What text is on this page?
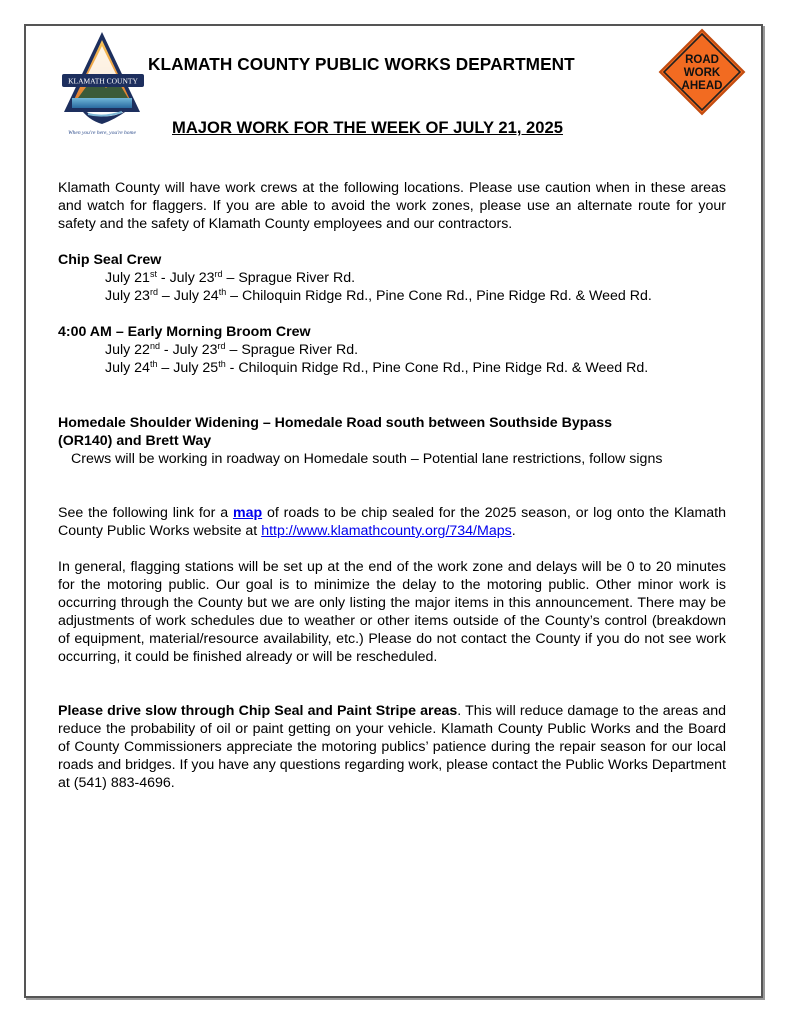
KLAMATH COUNTY
When you're here, you're home
ROAD
WORK
AHEAD
KLAMATH COUNTY PUBLIC WORKS DEPARTMENT
MAJOR WORK FOR THE WEEK OF JULY 21, 2025
Klamath County will have work crews at the following locations. Please use caution when in these areas and watch for flaggers. If you are able to avoid the work zones, please use an alternate route for your safety and the safety of Klamath County employees and our contractors.
Chip Seal Crew
July 21st - July 23rd – Sprague River Rd.
July 23rd – July 24th – Chiloquin Ridge Rd., Pine Cone Rd., Pine Ridge Rd. & Weed Rd.
4:00 AM – Early Morning Broom Crew
July 22nd - July 23rd – Sprague River Rd.
July 24th – July 25th - Chiloquin Ridge Rd., Pine Cone Rd., Pine Ridge Rd. & Weed Rd.
Homedale Shoulder Widening – Homedale Road south between Southside Bypass
(OR140) and Brett Way
Crews will be working in roadway on Homedale south – Potential lane restrictions, follow signs
See the following link for a map of roads to be chip sealed for the 2025 season, or log onto the Klamath County Public Works website at http://www.klamathcounty.org/734/Maps.
In general, flagging stations will be set up at the end of the work zone and delays will be 0 to 20 minutes for the motoring public. Our goal is to minimize the delay to the motoring public. Other minor work is occurring through the County but we are only listing the major items in this announcement. There may be adjustments of work schedules due to weather or other items outside of the County’s control (breakdown of equipment, material/resource availability, etc.) Please do not contact the County if you do not see work occurring, it could be finished already or will be rescheduled.
Please drive slow through Chip Seal and Paint Stripe areas. This will reduce damage to the areas and reduce the probability of oil or paint getting on your vehicle. Klamath County Public Works and the Board of County Commissioners appreciate the motoring publics’ patience during the repair season for our local roads and bridges. If you have any questions regarding work, please contact the Public Works Department at (541) 883-4696.
